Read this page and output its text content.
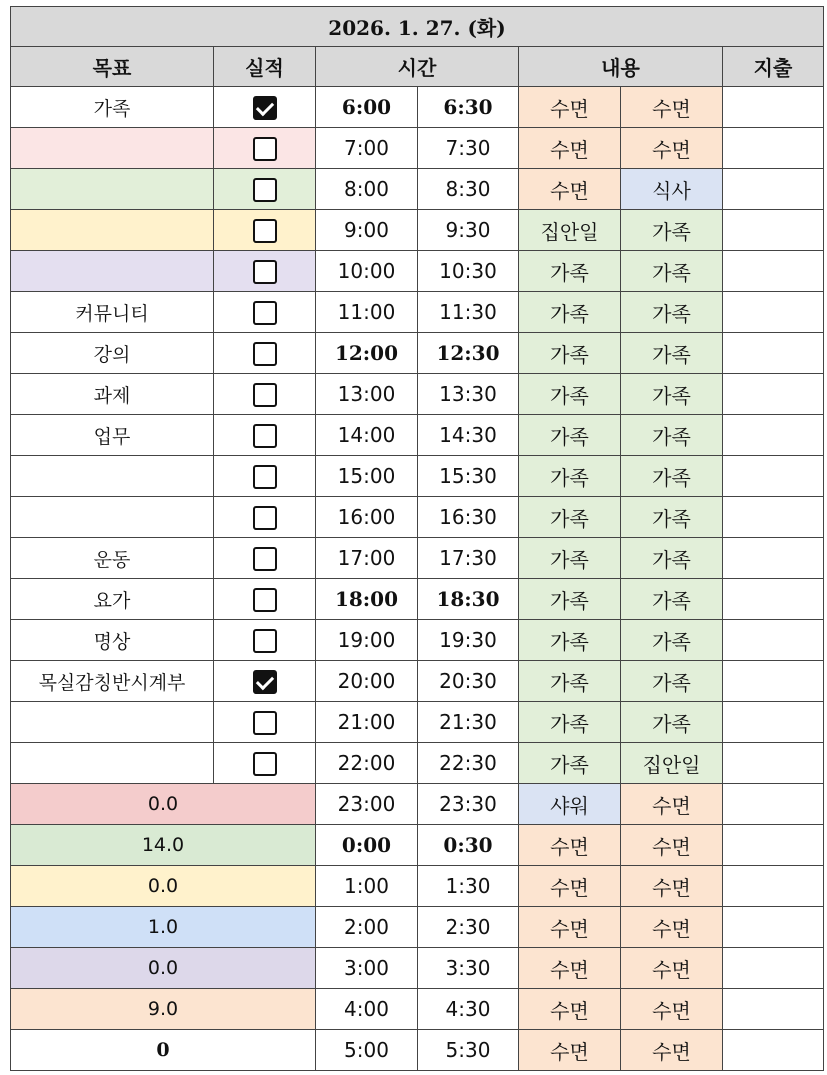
2026. 1. 27. (화)						
목표	실적	시간		내용		지출
가족		6:00	6:30	수면	수면	
		7:00	7:30	수면	수면	
		8:00	8:30	수면	식사	
		9:00	9:30	집안일	가족	
		10:00	10:30	가족	가족	
커뮤니티		11:00	11:30	가족	가족	
강의		12:00	12:30	가족	가족	
과제		13:00	13:30	가족	가족	
업무		14:00	14:30	가족	가족	
		15:00	15:30	가족	가족	
		16:00	16:30	가족	가족	
운동		17:00	17:30	가족	가족	
요가		18:00	18:30	가족	가족	
명상		19:00	19:30	가족	가족	
목실감칭반시계부		20:00	20:30	가족	가족	
		21:00	21:30	가족	가족	
		22:00	22:30	가족	집안일	
0.0		23:00	23:30	샤워	수면	
14.0		0:00	0:30	수면	수면	
0.0		1:00	1:30	수면	수면	
1.0		2:00	2:30	수면	수면	
0.0		3:00	3:30	수면	수면	
9.0		4:00	4:30	수면	수면	
0		5:00	5:30	수면	수면	
